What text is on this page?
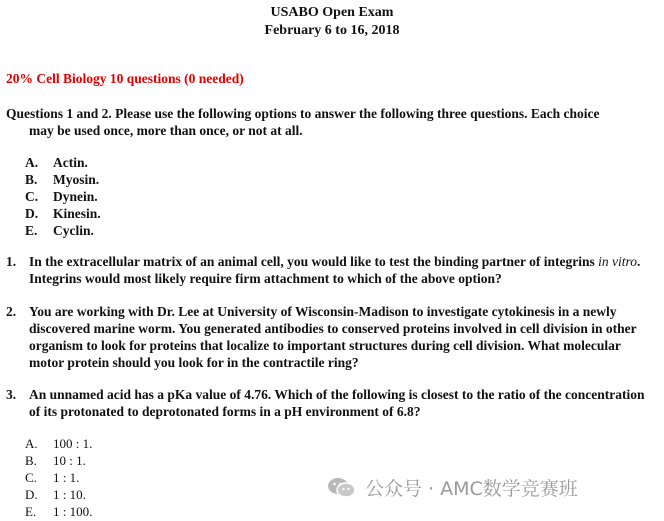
USABO Open Exam
February 6 to 16, 2018
20% Cell Biology 10 questions (0 needed)
Questions 1 and 2. Please use the following options to answer the following three questions. Each choice
may be used once, more than once, or not at all.
A.	Actin.
B.	Myosin.
C.	Dynein.
D.	Kinesin.
E.	Cyclin.
1. In the extracellular matrix of an animal cell, you would like to test the binding partner of integrins in vitro. Integrins would most likely require firm attachment to which of the above option?
2. You are working with Dr. Lee at University of Wisconsin-Madison to investigate cytokinesis in a newly discovered marine worm. You generated antibodies to conserved proteins involved in cell division in other organism to look for proteins that localize to important structures during cell division. What molecular motor protein should you look for in the contractile ring?
3. An unnamed acid has a pKa value of 4.76. Which of the following is closest to the ratio of the concentration of its protonated to deprotonated forms in a pH environment of 6.8?
A.	100 : 1.
B.	10 : 1.
C.	1 : 1.
D.	1 : 10.
E.	1 : 100.
公众号 · AMC数学竞赛班
